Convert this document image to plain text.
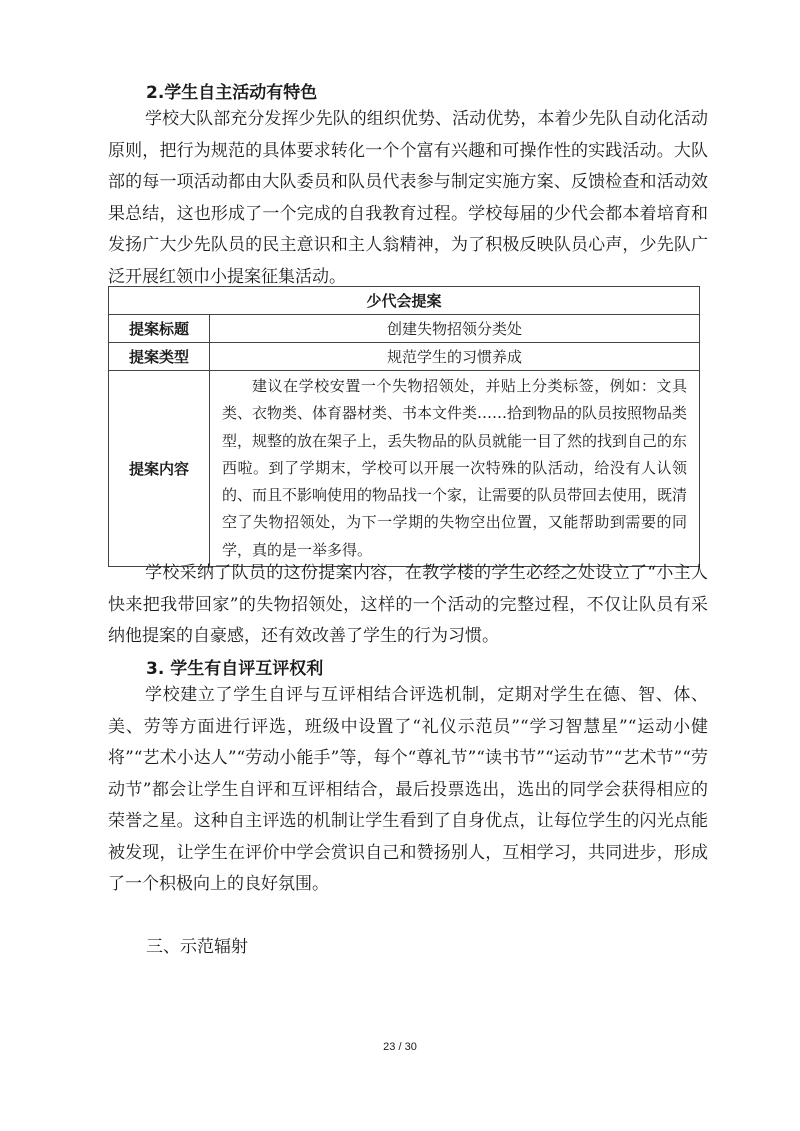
2.学生自主活动有特色
学校大队部充分发挥少先队的组织优势、活动优势，本着少先队自动化活动原则，把行为规范的具体要求转化一个个富有兴趣和可操作性的实践活动。大队部的每一项活动都由大队委员和队员代表参与制定实施方案、反馈检查和活动效果总结，这也形成了一个完成的自我教育过程。学校每届的少代会都本着培育和发扬广大少先队员的民主意识和主人翁精神，为了积极反映队员心声，少先队广泛开展红领巾小提案征集活动。
少代会提案	
提案标题	创建失物招领分类处
提案类型	规范学生的习惯养成
提案内容	建议在学校安置一个失物招领处，并贴上分类标签，例如：文具类、衣物类、体育器材类、书本文件类……拾到物品的队员按照物品类型，规整的放在架子上，丢失物品的队员就能一目了然的找到自己的东西啦。到了学期末，学校可以开展一次特殊的队活动，给没有人认领的、而且不影响使用的物品找一个家，让需要的队员带回去使用，既清空了失物招领处，为下一学期的失物空出位置，又能帮助到需要的同学，真的是一举多得。
学校采纳了队员的这份提案内容，在教学楼的学生必经之处设立了“小主人快来把我带回家”的失物招领处，这样的一个活动的完整过程，不仅让队员有采纳他提案的自豪感，还有效改善了学生的行为习惯。
3. 学生有自评互评权利
学校建立了学生自评与互评相结合评选机制，定期对学生在德、智、体、美、劳等方面进行评选，班级中设置了“礼仪示范员”“学习智慧星”“运动小健将”“艺术小达人”“劳动小能手”等，每个“尊礼节”“读书节”“运动节”“艺术节”“劳动节”都会让学生自评和互评相结合，最后投票选出，选出的同学会获得相应的荣誉之星。这种自主评选的机制让学生看到了自身优点，让每位学生的闪光点能被发现，让学生在评价中学会赏识自己和赞扬别人，互相学习，共同进步，形成了一个积极向上的良好氛围。
三、示范辐射
23 / 30
